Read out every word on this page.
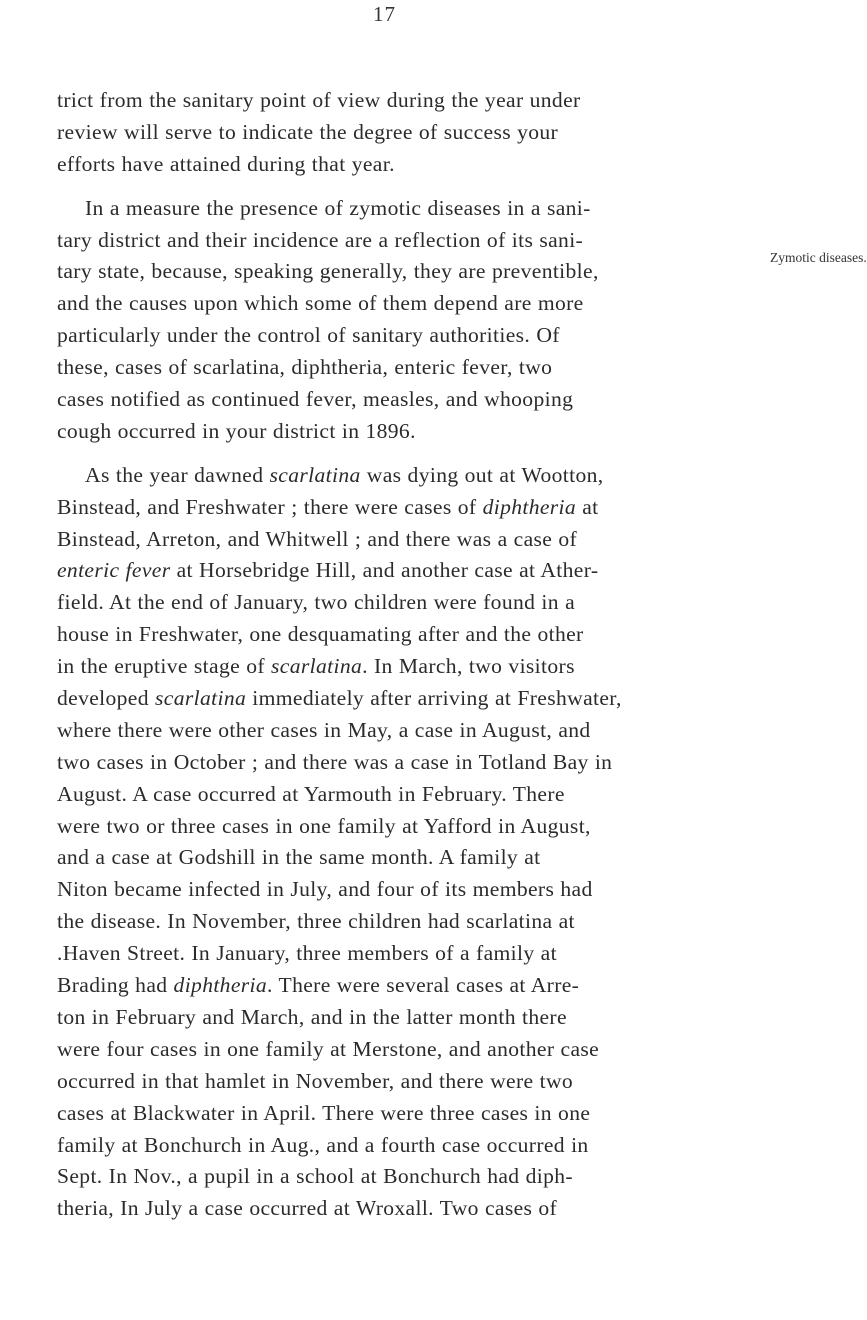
17
Zymotic diseases.
trict from the sanitary point of view during the year under
review will serve to indicate the degree of success your
efforts have attained during that year.
In a measure the presence of zymotic diseases in a sani-
tary district and their incidence are a reflection of its sani-
tary state, because, speaking generally, they are preventible,
and the causes upon which some of them depend are more
particularly under the control of sanitary authorities. Of
these, cases of scarlatina, diphtheria, enteric fever, two
cases notified as continued fever, measles, and whooping
cough occurred in your district in 1896.
As the year dawned scarlatina was dying out at Wootton,
Binstead, and Freshwater ; there were cases of diphtheria at
Binstead, Arreton, and Whitwell ; and there was a case of
enteric fever at Horsebridge Hill, and another case at Ather-
field. At the end of January, two children were found in a
house in Freshwater, one desquamating after and the other
in the eruptive stage of scarlatina. In March, two visitors
developed scarlatina immediately after arriving at Freshwater,
where there were other cases in May, a case in August, and
two cases in October ; and there was a case in Totland Bay in
August. A case occurred at Yarmouth in February. There
were two or three cases in one family at Yafford in August,
and a case at Godshill in the same month. A family at
Niton became infected in July, and four of its members had
the disease. In November, three children had scarlatina at
.Haven Street. In January, three members of a family at
Brading had diphtheria. There were several cases at Arre-
ton in February and March, and in the latter month there
were four cases in one family at Merstone, and another case
occurred in that hamlet in November, and there were two
cases at Blackwater in April. There were three cases in one
family at Bonchurch in Aug., and a fourth case occurred in
Sept. In Nov., a pupil in a school at Bonchurch had diph-
theria, In July a case occurred at Wroxall. Two cases of
